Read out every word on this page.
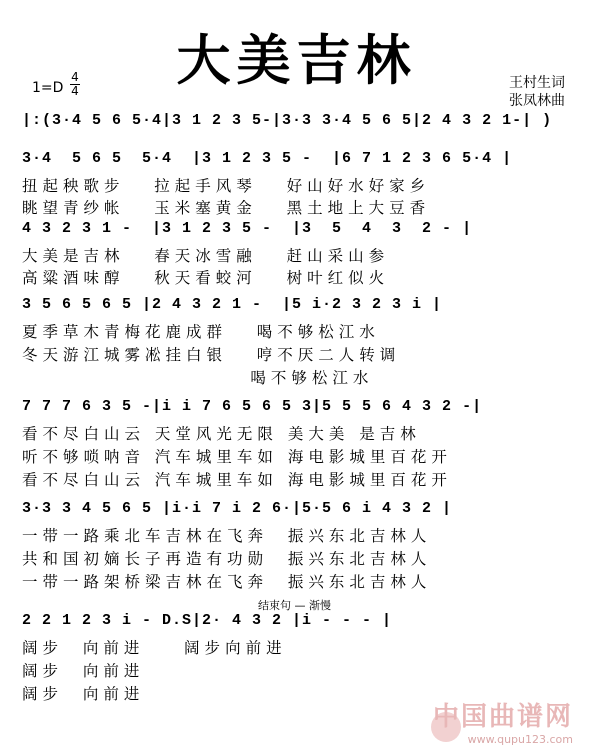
大美吉林
1=D
4
4	王村生词
张凤林曲
|:(3·4 5 6 5·4|3 1 2 3 5-|3·3 3·4 5 6 5|2 4 3 2 1-| )
3·4  5 6 5  5·4  |3 1 2 3 5 -  |6 7 1 2 3 6 5·4 |
扭起秧歌步   拉起手风琴   好山好水好家乡
眺望青纱帐   玉米塞黄金   黑土地上大豆香
4 3 2 3 1 -  |3 1 2 3 5 -  |3  5  4  3  2 - |
大美是吉林   春天冰雪融   赶山采山参
高粱酒味醇   秋天看蛟河   树叶红似火
3 5 6 5 6 5 |2 4 3 2 1 -  |5 i·2 3 2 3 i |
夏季草木青梅花鹿成群   喝不够松江水
冬天游江城雾凇挂白银   哼不厌二人转调
喝不够松江水
7 7 7 6 3 5 -|i i 7 6 5 6 5 3|5 5 5 6 4 3 2 -|
看不尽白山云 天堂风光无限 美大美 是吉林
听不够唢呐音 汽车城里车如 海电影城里百花开
看不尽白山云 汽车城里车如 海电影城里百花开
3·3 3 4 5 6 5 |i·i 7 i 2 6·|5·5 6 i 4 3 2 |
一带一路乘北车吉林在飞奔  振兴东北吉林人
共和国初嫡长子再造有功勋  振兴东北吉林人
一带一路架桥梁吉林在飞奔  振兴东北吉林人
结束句 — 渐慢
2 2 1 2 3 i - D.S|2· 4 3 2 |i - - - |
阔步  向前进    阔步向前进
阔步  向前进
阔步  向前进
中国曲谱网
www.qupu123.com
